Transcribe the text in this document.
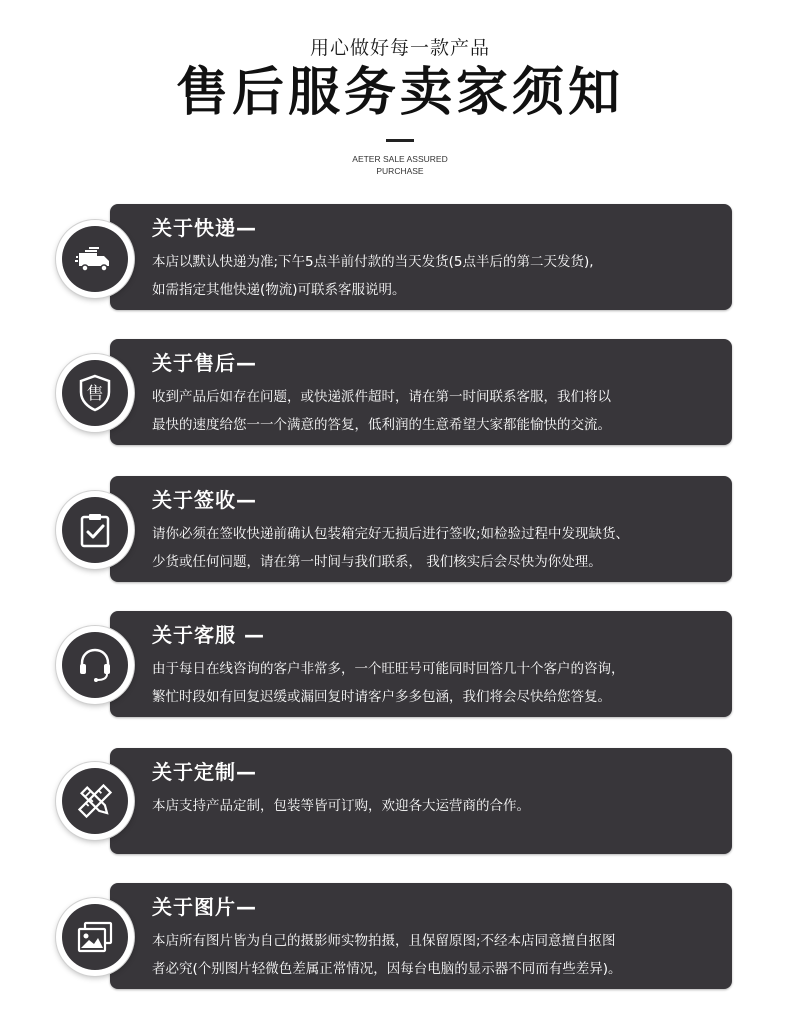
用心做好每一款产品
售后服务卖家须知
AETER SALE ASSURED
PURCHASE
关于快递—
本店以默认快递为准;下午5点半前付款的当天发货(5点半后的第二天发货),
如需指定其他快递(物流)可联系客服说明。
关于售后—
收到产品后如存在问题，或快递派件超时，请在第一时间联系客服，我们将以
最快的速度给您一一个满意的答复，低利润的生意希望大家都能愉快的交流。
售
关于签收—
请你必须在签收快递前确认包装箱完好无损后进行签收;如检验过程中发现缺货、
少货或任何问题，请在第一时间与我们联系， 我们核实后会尽快为你处理。
关于客服 —
由于每日在线咨询的客户非常多，一个旺旺号可能同时回答几十个客户的咨询，
繁忙时段如有回复迟缓或漏回复时请客户多多包涵，我们将会尽快给您答复。
关于定制—
本店支持产品定制，包装等皆可订购，欢迎各大运营商的合作。
关于图片—
本店所有图片皆为自己的摄影师实物拍摄，且保留原图;不经本店同意擅自抠图
者必究(个别图片轻微色差属正常情况，因每台电脑的显示器不同而有些差异)。
